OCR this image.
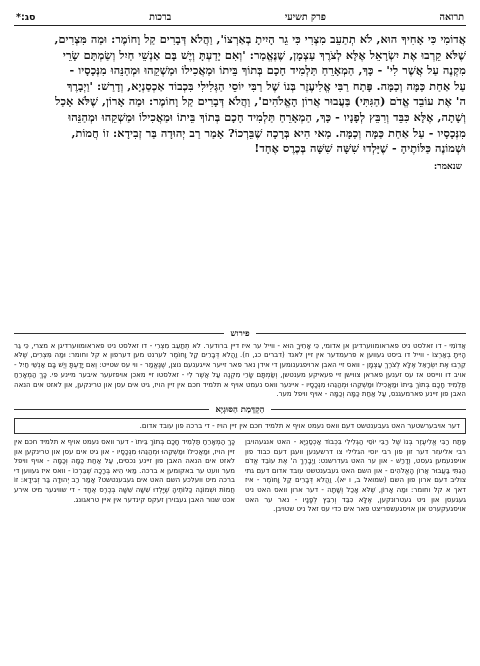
תרואה
פרק תשיעי
ברכות
סג:*

אֲדוֹמִי כִּי אָחִיךָ הוּא, לֹא תְתַעֵב מִצְרִי כִּי גֵר הָיִיתָ בְאַרְצוֹ', וַהֲלֹא דְּבָרִים קַל וָחוֹמֶר: וּמַה מִּצְרִים,

שֶׁלֹּא קֵרְבוּ אֶת יִשְׂרָאֵל אֶלָּא לְצֹרֶךְ עַצְמָן, שֶׁנֶּאֱמַר: 'וְאִם יָדַעְתָּ וְיֶשׁ בָּם אַנְשֵׁי חַיִל וְשַׂמְתָּם שָׂרֵי

מִקְנֶה עַל אֲשֶׁר לִי' - כָּךְ, הַמְאָרֵחַ תַּלְמִיד חָכָם בְּתוֹךְ בֵּיתוֹ וּמַאֲכִילוֹ וּמַשְׁקֵהוּ וּמְהַנֵּהוּ מִנְּכָסָיו -

עַל אַחַת כַּמָּה וְכַמָּה. פָּתַח רַבִּי אֱלִיעֶזֶר בְּנוֹ שֶׁל רַבִּי יוֹסֵי הַגְּלִילִי בִּכְבוֹד אַכְסַנְיָא, וְדָרַשׁ: 'וַיְבָרֶךְ

ה' אֶת עוֹבֵד אֱדֹם (הַגִּתִּי) בַּעֲבוּר אֲרוֹן הָאֱלֹהִים', וַהֲלֹא דְּבָרִים קַל וָחוֹמֶר: וּמַה אָרוֹן, שֶׁלֹּא אָכַל

וְשָׁתָה, אֶלָּא כִּבֵּד וְרִבֵּץ לְפָנָיו - כָּךְ, הַמְאָרֵחַ תַּלְמִיד חָכָם בְּתוֹךְ בֵּיתוֹ וּמַאֲכִילוֹ וּמַשְׁקֵהוּ וּמְהַנֵּהוּ

מִנְּכָסָיו - עַל אַחַת כַּמָּה וְכַמָּה. מַאי הִיא בְּרָכָה שֶׁבֵּרְכוֹ? אָמַר רַב יְהוּדָה בַּר זְבִידָא: זוֹ חֲמוֹת,

וּשְׁמוֹנֶה כַּלּוֹתֶיהָ - שֶׁיָּלְדוּ שִׁשָּׁה שִׁשָּׁה בְּכֶרֶס אֶחָד!

שנאמר:
פירוש
אֲדוֹמִי - דו זאלסט ניט פאראומווערדיגן אן אדומי, כִּי אָחִיךָ הוּא - ווייל ער איז דיין ברודער. לֹא תְתַעֵב מִצְרִי - דו זאלסט ניט פאראומווערדיגן א מצרי, כִּי גֵר הָיִיתָ בְאַרְצוֹ - ווייל דו ביסט געווען א פרעמדער אין זיין לאנד (דברים כג, ח). וַהֲלֹא דְּבָרִים קַל וָחוֹמֶר לערנט מען דערפון א קל וחומר: וּמַה מִּצְרִים, שֶׁלֹּא קֵרְבוּ אֶת יִשְׂרָאֵל אֶלָּא לְצֹרֶךְ עַצְמָן - וואס זיי האבן ארויפגענומען די אידן נאר פאר זייער אייגענעם נוצן, שֶׁנֶּאֱמַר - ווי עס שטייט: וְאִם יָדַעְתָּ וְיֶשׁ בָּם אַנְשֵׁי חַיִל - אויב דו ווייסט אז עס זענען פאראן צווישן זיי פעאיקע מענטשן, וְשַׂמְתָּם שָׂרֵי מִקְנֶה עַל אֲשֶׁר לִי - זאלסטו זיי מאכן אויפזעער איבער מיינע פי. כָּךְ הַמְאָרֵחַ תַּלְמִיד חָכָם בְּתוֹךְ בֵּיתוֹ וּמַאֲכִילוֹ וּמַשְׁקֵהוּ וּמְהַנֵּהוּ מִנְּכָסָיו - איינער וואס נעמט אויף א תלמיד חכם אין זיין הויז, גיט אים עסן און טרינקען, און לאזט אים הנאה האבן פון זיינע פארמעגנס, עַל אַחַת כַּמָּה וְכַמָּה - אויף וויפל מער.
הַקְדָּמַת הַסּוּגְיָא
דער אויבערשטער האט געבענטשט דעם וואס נעמט אויף א תלמיד חכם אין זיין הויז - די ברכה פון עובד אדום.
פָּתַח רַבִּי אֱלִיעֶזֶר בְּנוֹ שֶׁל רַבִּי יוֹסֵי הַגְּלִילִי בִּכְבוֹד אַכְסַנְיָא - האט אנגעהויבן רבי אליעזר דער זון פון רבי יוסי הגלילי צו דרשענען וועגן דעם כבוד פון אויפנעמען געסט, וְדָרַשׁ - און ער האט געדרשנט: וַיְבָרֶךְ ה' אֶת עוֹבֵד אֱדֹם הַגִּתִּי בַּעֲבוּר אֲרוֹן הָאֱלֹהִים - און השם האט געבענטשט עובד אדום דעם גתי צוליב דעם ארון פון השם (שמואל ב, ו יא). וַהֲלֹא דְּבָרִים קַל וָחוֹמֶר - איז דאך א קל וחומר: וּמַה אָרוֹן, שֶׁלֹּא אָכַל וְשָׁתָה - דער ארון וואס האט ניט געגעסן און ניט געטרונקען, אֶלָּא כִּבֵּד וְרִבֵּץ לְפָנָיו - נאר ער האט אויסגעקערט און אויסגעשפריצט פאר אים כדי עס זאל ניט שטויבן.
כָּךְ הַמְאָרֵחַ תַּלְמִיד חָכָם בְּתוֹךְ בֵּיתוֹ - דער וואס נעמט אויף א תלמיד חכם אין זיין הויז, וּמַאֲכִילוֹ וּמַשְׁקֵהוּ וּמְהַנֵּהוּ מִנְּכָסָיו - און גיט אים עסן און טרינקען און לאזט אים הנאה האבן פון זיינע נכסים, עַל אַחַת כַּמָּה וְכַמָּה - אויף וויפל מער וועט ער באקומען א ברכה. מַאי הִיא בְּרָכָה שֶׁבֵּרְכוֹ - וואס איז געווען די ברכה מיט וועלכע השם האט אים געבענטשט? אָמַר רַב יְהוּדָה בַּר זְבִידָא: זוֹ חֲמוֹת וּשְׁמוֹנֶה כַּלּוֹתֶיהָ שֶׁיָּלְדוּ שִׁשָּׁה שִׁשָּׁה בְּכֶרֶס אֶחָד - די שוויגער מיט אירע אכט שנור האבן געבוירן זעקס קינדער אין איין טראגונג.
